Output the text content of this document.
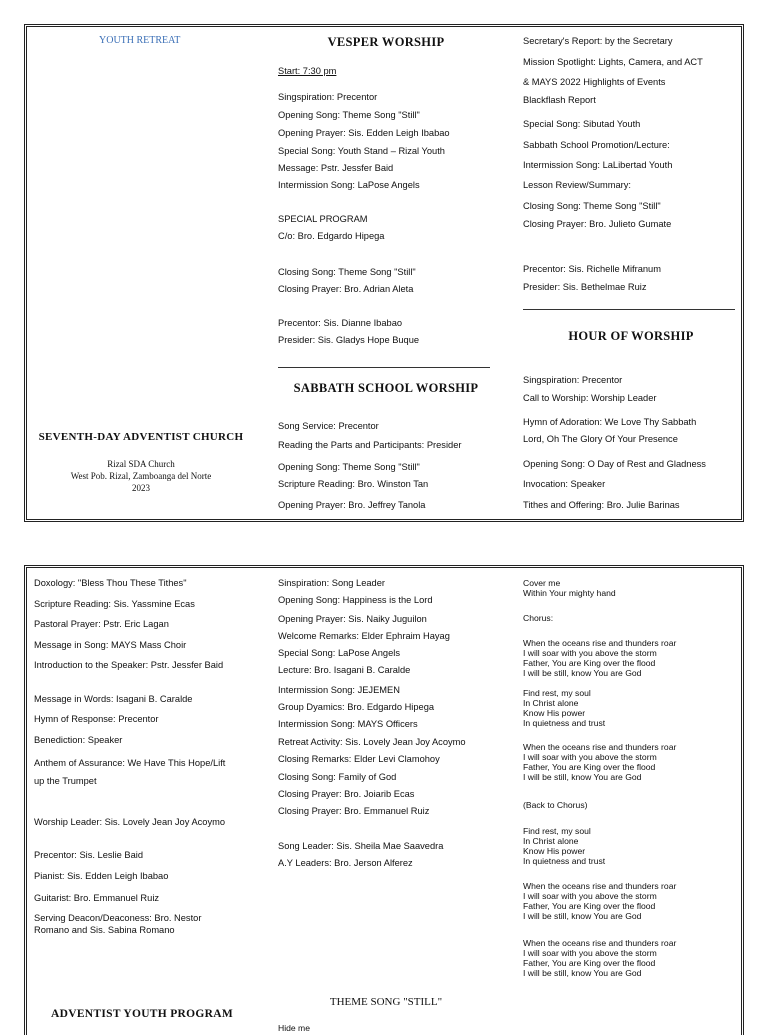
YOUTH RETREAT
SEVENTH-DAY ADVENTIST CHURCH
Rizal SDA Church
West Pob. Rizal, Zamboanga del Norte
2023
VESPER WORSHIP
Start: 7:30 pm
Singspiration: Precentor
Opening Song: Theme Song "Still"
Opening Prayer: Sis. Edden Leigh Ibabao
Special Song: Youth Stand – Rizal Youth
Message: Pstr. Jessfer Baid
Intermission Song: LaPose Angels
SPECIAL PROGRAM
C/o: Bro. Edgardo Hipega
Closing Song: Theme Song "Still"
Closing Prayer: Bro. Adrian Aleta
Precentor: Sis. Dianne Ibabao
Presider: Sis. Gladys Hope Buque
SABBATH SCHOOL WORSHIP
Song Service: Precentor
Reading the Parts and Participants: Presider
Opening Song: Theme Song "Still"
Scripture Reading: Bro. Winston Tan
Opening Prayer: Bro. Jeffrey Tanola
Secretary's Report: by the Secretary
Mission Spotlight: Lights, Camera, and ACT
& MAYS 2022 Highlights of Events
Blackflash Report
Special Song: Sibutad Youth
Sabbath School Promotion/Lecture:
Intermission Song: LaLibertad Youth
Lesson Review/Summary:
Closing Song: Theme Song "Still"
Closing Prayer: Bro. Julieto Gumate
Precentor: Sis. Richelle Mifranum
Presider: Sis. Bethelmae Ruiz
HOUR OF WORSHIP
Singspiration: Precentor
Call to Worship: Worship Leader
Hymn of Adoration: We Love Thy Sabbath
Lord, Oh The Glory Of Your Presence
Opening Song: O Day of Rest and Gladness
Invocation: Speaker
Tithes and Offering: Bro. Julie Barinas
Doxology: "Bless Thou These Tithes"
Scripture Reading: Sis. Yassmine Ecas
Pastoral Prayer: Pstr. Eric Lagan
Message in Song: MAYS Mass Choir
Introduction to the Speaker: Pstr. Jessfer Baid
Message in Words: Isagani B. Caralde
Hymn of Response: Precentor
Benediction: Speaker
Anthem of Assurance: We Have This Hope/Lift up the Trumpet
Worship Leader: Sis. Lovely Jean Joy Acoymo
Precentor: Sis. Leslie Baid
Pianist: Sis. Edden Leigh Ibabao
Guitarist: Bro. Emmanuel Ruiz
Serving Deacon/Deaconess: Bro. Nestor Romano and Sis. Sabina Romano
ADVENTIST YOUTH PROGRAM
Sinspiration: Song Leader
Opening Song: Happiness is the Lord
Opening Prayer: Sis. Naiky Juguilon
Welcome Remarks: Elder Ephraim Hayag
Special Song: LaPose Angels
Lecture: Bro. Isagani B. Caralde
Intermission Song: JEJEMEN
Group Dyamics: Bro. Edgardo Hipega
Intermission Song: MAYS Officers
Retreat Activity: Sis. Lovely Jean Joy Acoymo
Closing Remarks: Elder Levi Clamohoy
Closing Song: Family of God
Closing Prayer: Bro. Joiarib Ecas
Closing Prayer: Bro. Emmanuel Ruiz
Song Leader: Sis. Sheila Mae Saavedra
A.Y Leaders: Bro. Jerson Alferez
THEME SONG "STILL"
Hide me
Cover me
Within Your mighty hand
Chorus:
When the oceans rise and thunders roar
I will soar with you above the storm
Father, You are King over the flood
I will be still, know You are God
Find rest, my soul
In Christ alone
Know His power
In quietness and trust
When the oceans rise and thunders roar
I will soar with you above the storm
Father, You are King over the flood
I will be still, know You are God
(Back to Chorus)
Find rest, my soul
In Christ alone
Know His power
In quietness and trust
When the oceans rise and thunders roar
I will soar with you above the storm
Father, You are King over the flood
I will be still, know You are God
When the oceans rise and thunders roar
I will soar with you above the storm
Father, You are King over the flood
I will be still, know You are God
